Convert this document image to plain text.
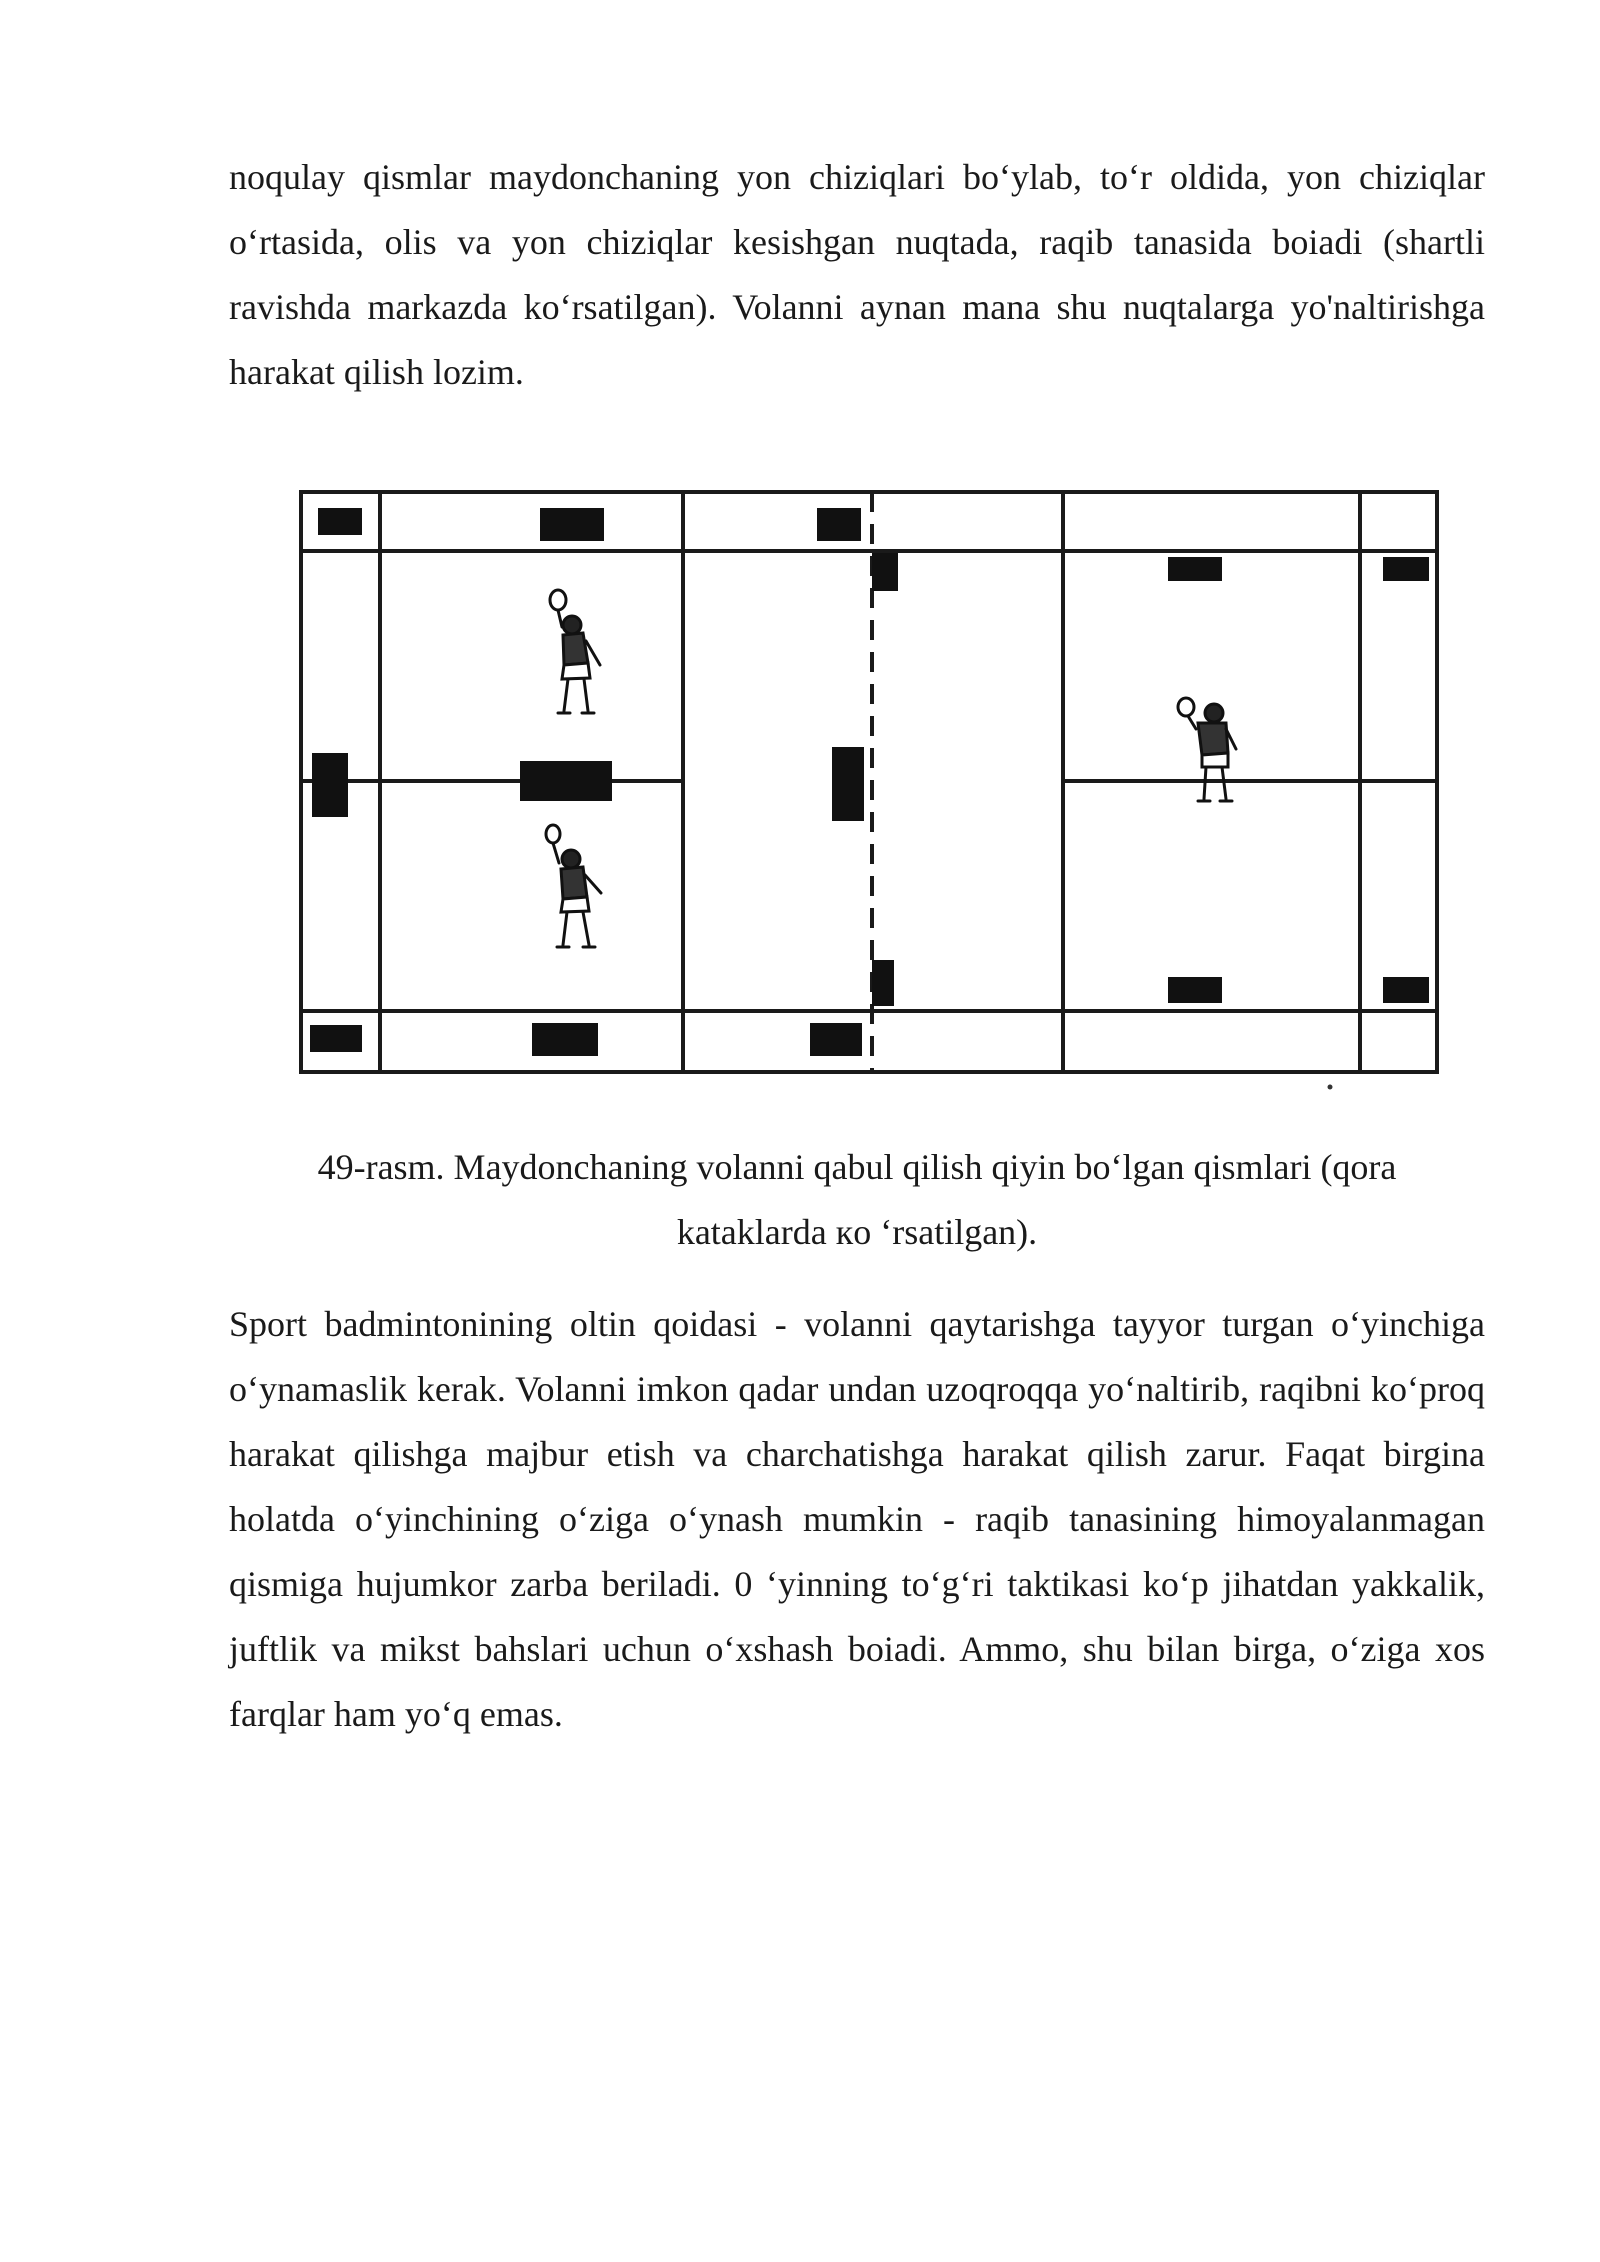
noqulay qismlar maydonchaning yon chiziqlari bo‘ylab, to‘r oldida, yon chiziqlar o‘rtasida, olis va yon chiziqlar kesishgan nuqtada, raqib tanasida boiadi (shartli ravishda markazda ko‘rsatilgan). Volanni aynan mana shu nuqtalarga yo'naltirishga harakat qilish lozim.

49-rasm. Maydonchaning volanni qabul qilish qiyin bo‘lgan qismlari (qora
kataklarda кo ‘rsatilgan).

Sport badmintonining oltin qoidasi - volanni qaytarishga tayyor turgan o‘yinchiga o‘ynamaslik kerak. Volanni imkon qadar undan uzoqroqqa yo‘naltirib, raqibni ko‘proq harakat qilishga majbur etish va charchatishga harakat qilish zarur. Faqat birgina holatda o‘yinchining o‘ziga o‘ynash mumkin - raqib tanasining himoyalanmagan qismiga hujumkor zarba beriladi. 0 ‘yinning to‘g‘ri taktikasi ko‘p jihatdan yakkalik, juftlik va mikst bahslari uchun o‘xshash boiadi. Ammo, shu bilan birga, o‘ziga xos farqlar ham yo‘q emas.
